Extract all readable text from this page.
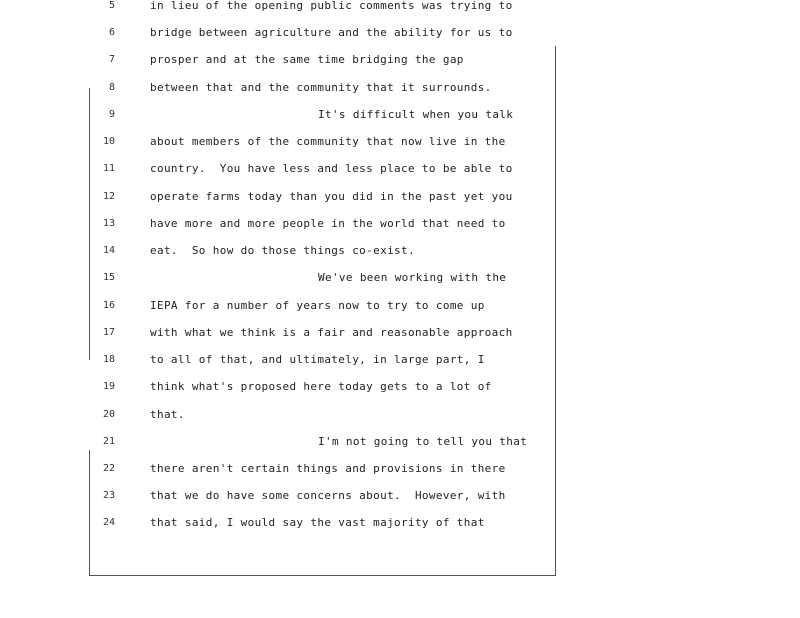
5	in lieu of the opening public comments was trying to
6	bridge between agriculture and the ability for us to
7	prosper and at the same time bridging the gap
8	between that and the community that it surrounds.
9	It's difficult when you talk
10	about members of the community that now live in the
11	country.  You have less and less place to be able to
12	operate farms today than you did in the past yet you
13	have more and more people in the world that need to
14	eat.  So how do those things co-exist.
15	We've been working with the
16	IEPA for a number of years now to try to come up
17	with what we think is a fair and reasonable approach
18	to all of that, and ultimately, in large part, I
19	think what's proposed here today gets to a lot of
20	that.
21	I'm not going to tell you that
22	there aren't certain things and provisions in there
23	that we do have some concerns about.  However, with
24	that said, I would say the vast majority of that
